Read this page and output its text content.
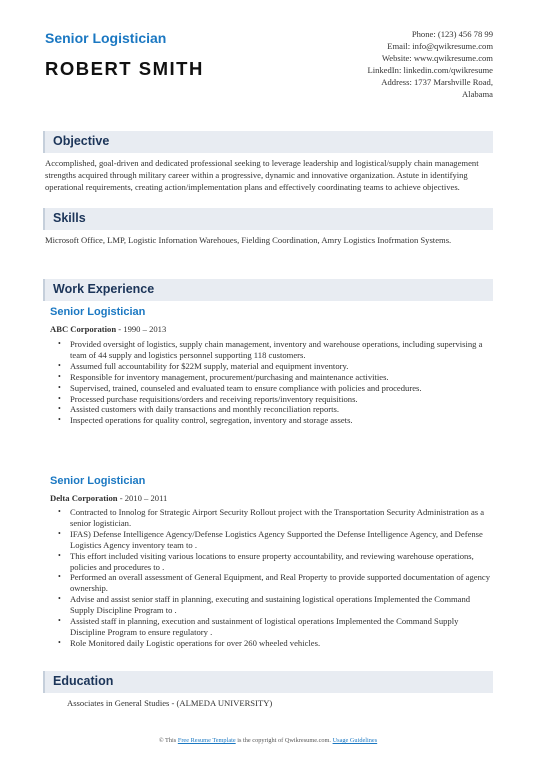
Senior Logistician
ROBERT SMITH
Phone: (123) 456 78 99
Email: info@qwikresume.com
Website: www.qwikresume.com
LinkedIn: linkedin.com/qwikresume
Address: 1737 Marshville Road,
Alabama
Objective
Accomplished, goal-driven and dedicated professional seeking to leverage leadership and logistical/supply chain management strengths acquired through military career within a progressive, dynamic and innovative organization. Astute in identifying operational requirements, creating action/implementation plans and effectively coordinating teams to achieve objectives.
Skills
Microsoft Office, LMP, Logistic Infornation Warehoues, Fielding Coordination, Amry Logistics Inofrmation Systems.
Work Experience
Senior Logistician
ABC Corporation - 1990 – 2013
• Provided oversight of logistics, supply chain management, inventory and warehouse operations, including supervising a team of 44 supply and logistics personnel supporting 118 customers.
• Assumed full accountability for $22M supply, material and equipment inventory.
• Responsible for inventory management, procurement/purchasing and maintenance activities.
• Supervised, trained, counseled and evaluated team to ensure compliance with policies and procedures.
• Processed purchase requisitions/orders and receiving reports/inventory requisitions.
• Assisted customers with daily transactions and monthly reconciliation reports.
• Inspected operations for quality control, segregation, inventory and storage assets.
Senior Logistician
Delta Corporation - 2010 – 2011
• Contracted to Innolog for Strategic Airport Security Rollout project with the Transportation Security Administration as a senior logistician.
• IFAS) Defense Intelligence Agency/Defense Logistics Agency Supported the Defense Intelligence Agency, and Defense Logistics Agency inventory team to .
• This effort included visiting various locations to ensure property accountability, and reviewing warehouse operations, policies and procedures to .
• Performed an overall assessment of General Equipment, and Real Property to provide supported documentation of agency ownership.
• Advise and assist senior staff in planning, executing and sustaining logistical operations Implemented the Command Supply Discipline Program to .
• Assisted staff in planning, execution and sustainment of logistical operations Implemented the Command Supply Discipline Program to ensure regulatory .
• Role Monitored daily Logistic operations for over 260 wheeled vehicles.
Education
Associates in General Studies - (ALMEDA UNIVERSITY)
© This Free Resume Template is the copyright of Qwikresume.com. Usage Guidelines
